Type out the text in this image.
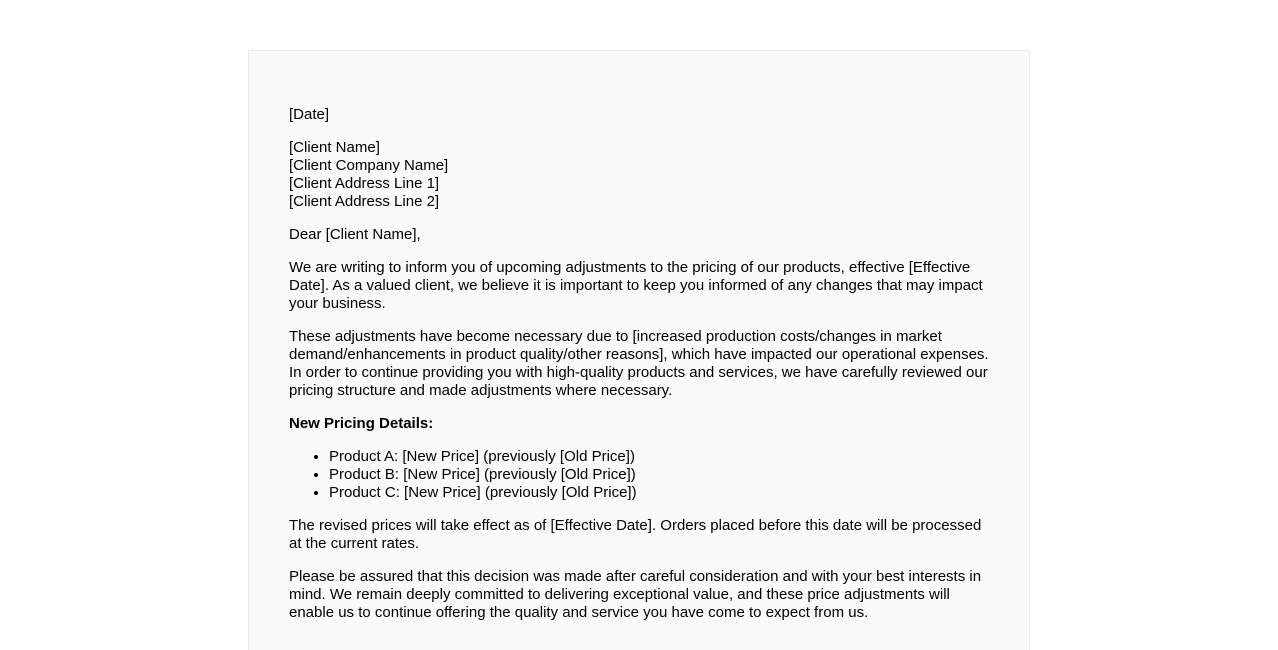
[Date]

[Client Name]
[Client Company Name]
[Client Address Line 1]
[Client Address Line 2]

Dear [Client Name],

We are writing to inform you of upcoming adjustments to the pricing of our products, effective [Effective Date]. As a valued client, we believe it is important to keep you informed of any changes that may impact your business.

These adjustments have become necessary due to [increased production costs/changes in market demand/enhancements in product quality/other reasons], which have impacted our operational expenses. In order to continue providing you with high-quality products and services, we have carefully reviewed our pricing structure and made adjustments where necessary.

New Pricing Details:

• Product A: [New Price] (previously [Old Price])
• Product B: [New Price] (previously [Old Price])
• Product C: [New Price] (previously [Old Price])

The revised prices will take effect as of [Effective Date]. Orders placed before this date will be processed at the current rates.

Please be assured that this decision was made after careful consideration and with your best interests in mind. We remain deeply committed to delivering exceptional value, and these price adjustments will enable us to continue offering the quality and service you have come to expect from us.
